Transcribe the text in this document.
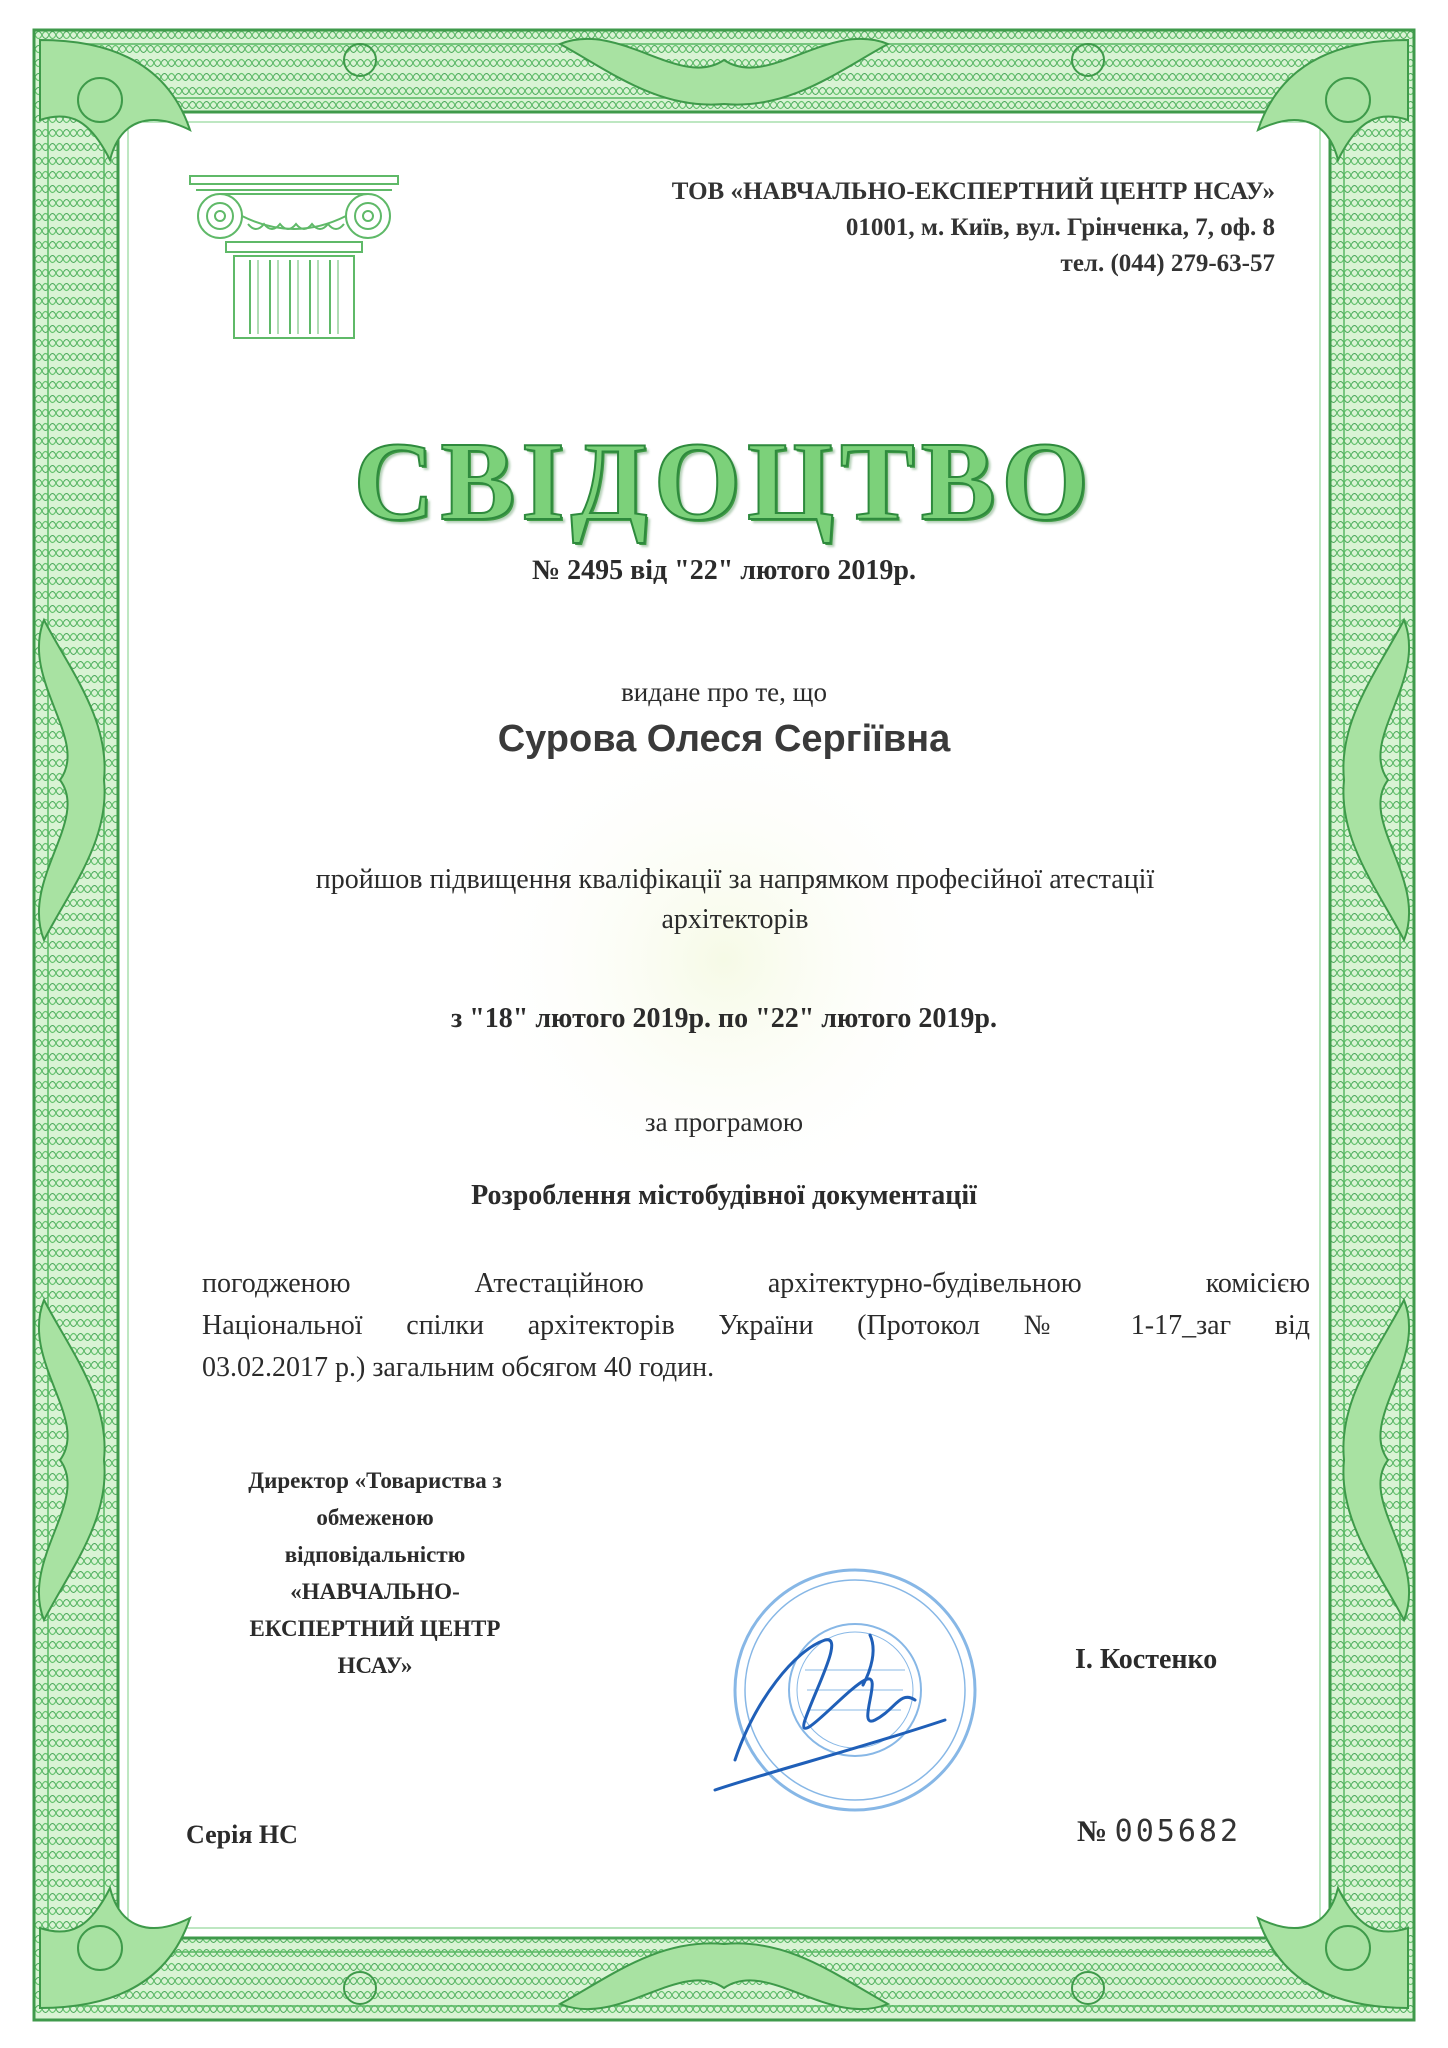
ТОВ «НАВЧАЛЬНО-ЕКСПЕРТНИЙ ЦЕНТР НСАУ»
01001, м. Київ, вул. Грінченка, 7, оф. 8
тел. (044) 279-63-57
СВІДОЦТВО
№ 2495 від "22" лютого 2019р.
видане про те, що
Сурова Олеся Сергіївна
пройшов підвищення кваліфікації за напрямком професійної атестації
архітекторів
з "18" лютого 2019р. по "22" лютого 2019р.
за програмою
Розроблення містобудівної документації
погодженою Атестаційною архітектурно-будівельною комісією
Національної спілки архітекторів України (Протокол № 1-17_заг від
03.02.2017 р.) загальним обсягом 40 годин.
Директор «Товариства з
обмеженою
відповідальністю
«НАВЧАЛЬНО-
ЕКСПЕРТНИЙ ЦЕНТР
НСАУ»	І. Костенко
Серія НС	№ 005682
